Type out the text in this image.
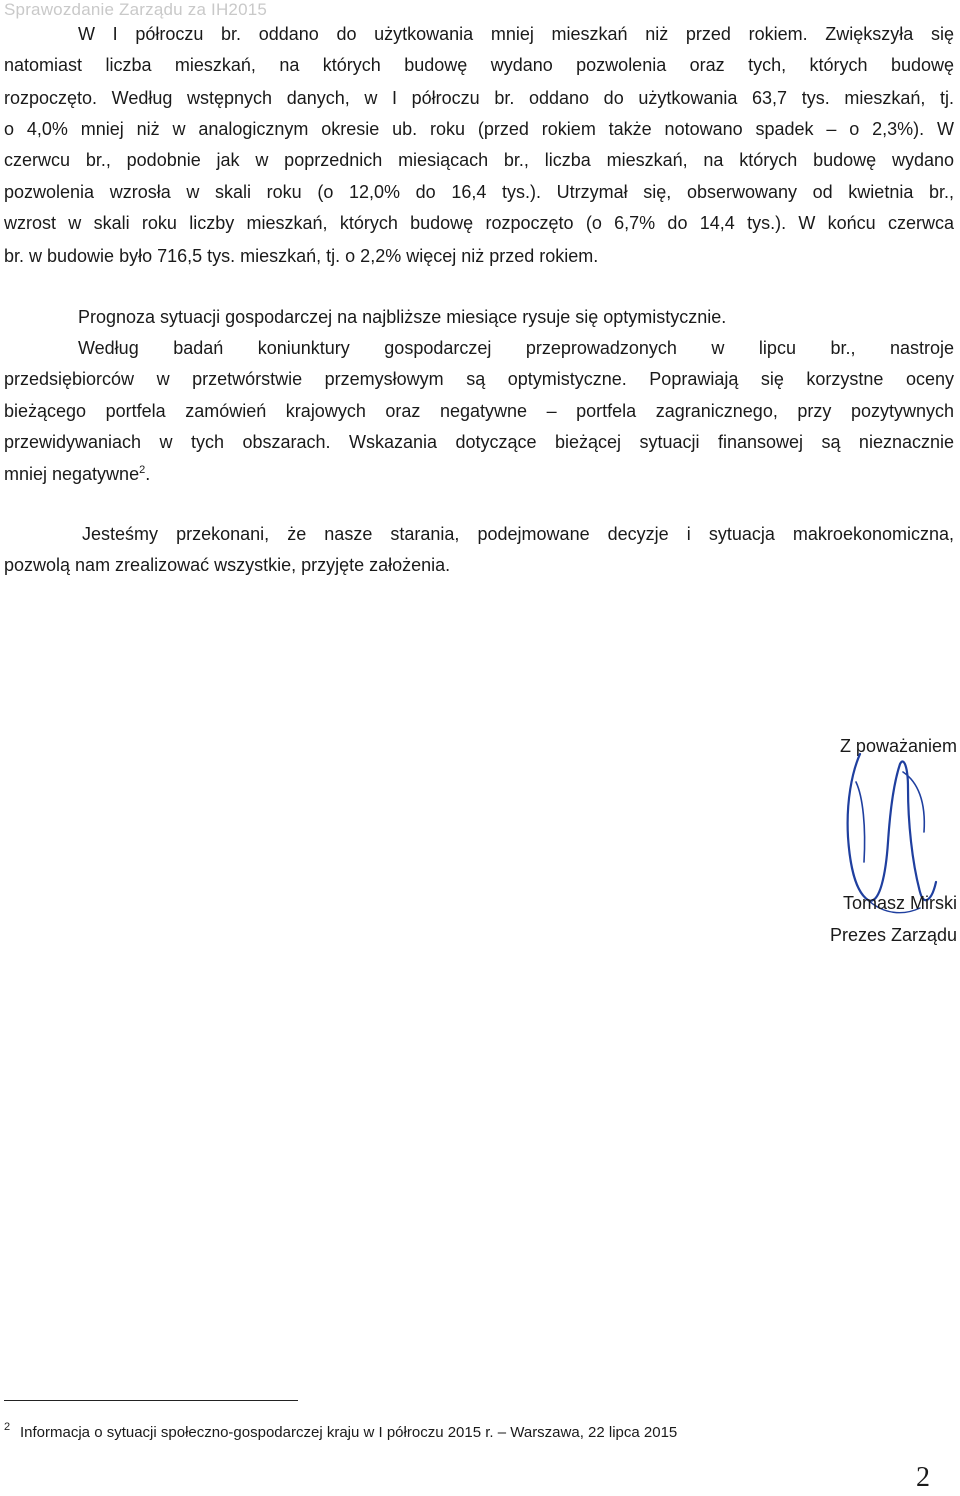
Sprawozdanie Zarządu za IH2015

W I półroczu br. oddano do użytkowania mniej mieszkań niż przed rokiem. Zwiększyła się

natomiast liczba mieszkań, na których budowę wydano pozwolenia oraz tych, których budowę

rozpoczęto. Według wstępnych danych, w I półroczu br. oddano do użytkowania 63,7 tys. mieszkań, tj.

o 4,0% mniej niż w analogicznym okresie ub. roku (przed rokiem także notowano spadek – o 2,3%). W

czerwcu br., podobnie jak w poprzednich miesiącach br., liczba mieszkań, na których budowę wydano

pozwolenia wzrosła w skali roku (o 12,0% do 16,4 tys.). Utrzymał się, obserwowany od kwietnia br.,

wzrost w skali roku liczby mieszkań, których budowę rozpoczęto (o 6,7% do 14,4 tys.). W końcu czerwca

br. w budowie było 716,5 tys. mieszkań, tj. o 2,2% więcej niż przed rokiem.

Prognoza sytuacji gospodarczej na najbliższe miesiące rysuje się optymistycznie.

Według badań koniunktury gospodarczej przeprowadzonych w lipcu br., nastroje

przedsiębiorców w przetwórstwie przemysłowym są optymistyczne. Poprawiają się korzystne oceny

bieżącego portfela zamówień krajowych oraz negatywne – portfela zagranicznego, przy pozytywnych

przewidywaniach w tych obszarach. Wskazania dotyczące bieżącej sytuacji finansowej są nieznacznie

mniej negatywne$^2$.

Jesteśmy przekonani, że nasze starania, podejmowane decyzje i sytuacja makroekonomiczna,

pozwolą nam zrealizować wszystkie, przyjęte założenia.

Z poważaniem
Tomasz Mirski
Prezes Zarządu
2 Informacja o sytuacji społeczno-gospodarczej kraju w I półroczu 2015 r. – Warszawa, 22 lipca 2015
2
